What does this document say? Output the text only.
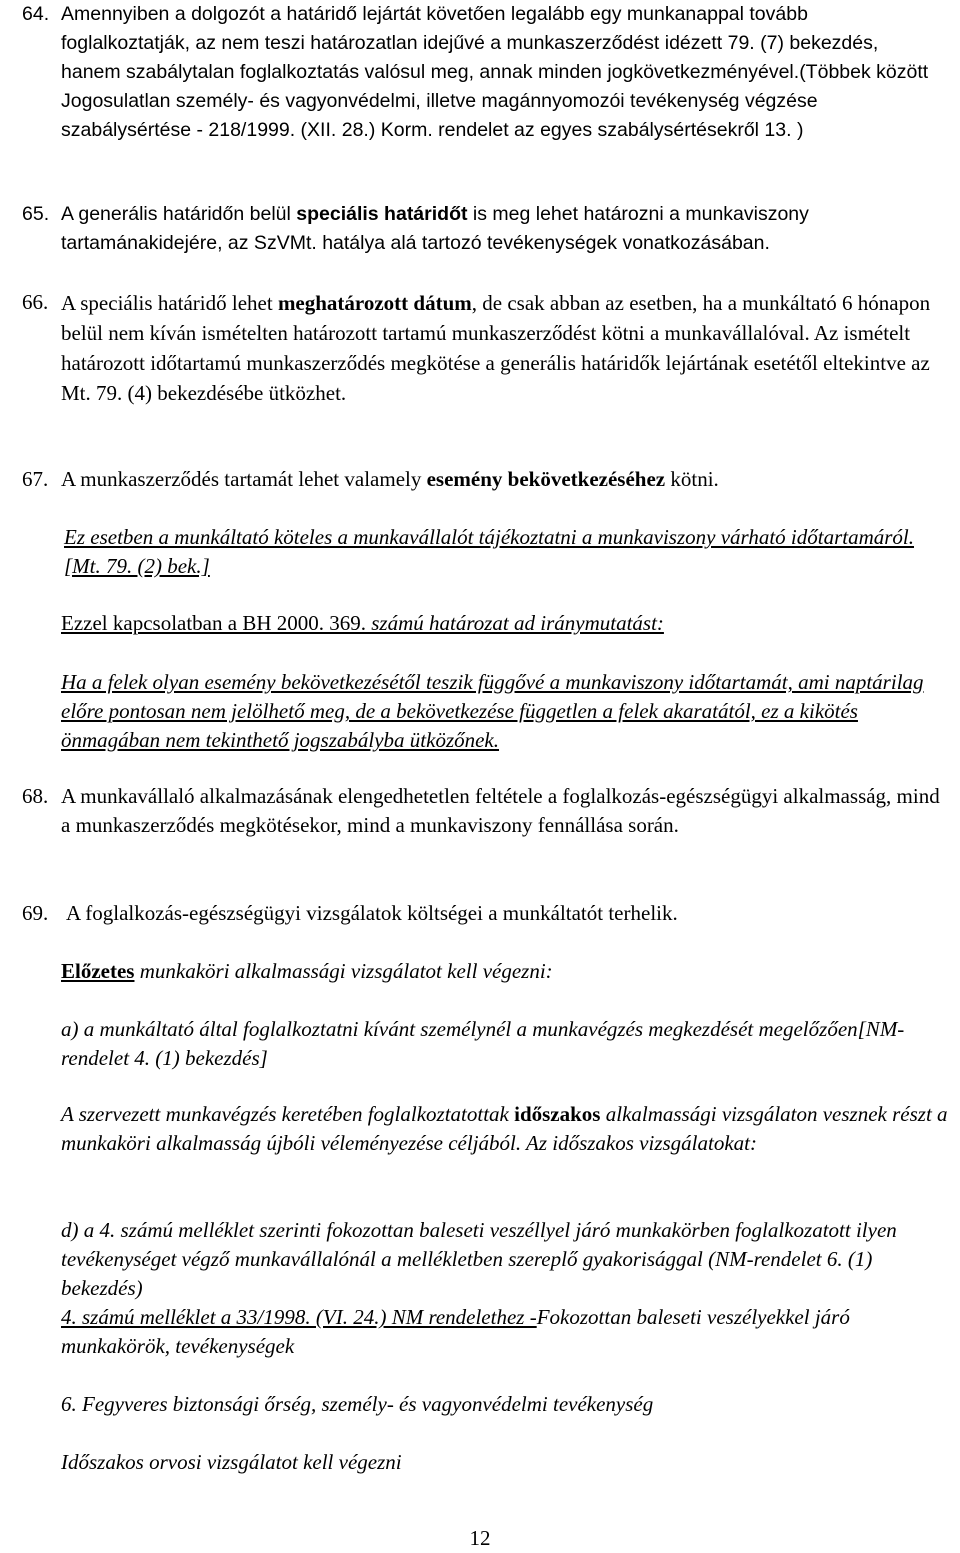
64. Amennyiben a dolgozót a határidő lejártát követően legalább egy munkanappal tovább foglalkoztatják, az nem teszi határozatlan idejűvé a munkaszerződést idézett 79. (7) bekezdés, hanem szabálytalan foglalkoztatás valósul meg, annak minden jogkövetkezményével.(Többek között Jogosulatlan személy- és vagyonvédelmi, illetve magánnyomozói tevékenység végzése szabálysértése - 218/1999. (XII. 28.) Korm. rendelet az egyes szabálysértésekről 13. )
65. A generális határidőn belül speciális határidőt is meg lehet határozni a munkaviszony tartamánakidejére, az SzVMt. hatálya alá tartozó tevékenységek vonatkozásában.
66. A speciális határidő lehet meghatározott dátum, de csak abban az esetben, ha a munkáltató 6 hónapon belül nem kíván ismételten határozott tartamú munkaszerződést kötni a munkavállalóval. Az ismételt határozott időtartamú munkaszerződés megkötése a generális határidők lejártának esetétől eltekintve az Mt. 79. (4) bekezdésébe ütközhet.
67. A munkaszerződés tartamát lehet valamely esemény bekövetkezéséhez kötni.
Ez esetben a munkáltató köteles a munkavállalót tájékoztatni a munkaviszony várható időtartamáról. [Mt. 79. (2) bek.]
Ezzel kapcsolatban a BH 2000. 369. számú határozat ad iránymutatást:
Ha a felek olyan esemény bekövetkezésétől teszik függővé a munkaviszony időtartamát, ami naptárilag előre pontosan nem jelölhető meg, de a bekövetkezése független a felek akaratától, ez a kikötés önmagában nem tekinthető jogszabályba ütközőnek.
68. A munkavállaló alkalmazásának elengedhetetlen feltétele a foglalkozás-egészségügyi alkalmasság, mind a munkaszerződés megkötésekor, mind a munkaviszony fennállása során.
69. A foglalkozás-egészségügyi vizsgálatok költségei a munkáltatót terhelik.
Előzetes munkaköri alkalmassági vizsgálatot kell végezni:
a) a munkáltató által foglalkoztatni kívánt személynél a munkavégzés megkezdését megelőzően[NM-rendelet 4. (1) bekezdés]
A szervezett munkavégzés keretében foglalkoztatottak időszakos alkalmassági vizsgálaton vesznek részt a munkaköri alkalmasság újbóli véleményezése céljából. Az időszakos vizsgálatokat:
d) a 4. számú melléklet szerinti fokozottan baleseti veszéllyel járó munkakörben foglalkozatott ilyen tevékenységet végző munkavállalónál a mellékletben szereplő gyakorisággal (NM-rendelet 6. (1) bekezdés)
4. számú melléklet a 33/1998. (VI. 24.) NM rendelethez -Fokozottan baleseti veszélyekkel járó munkakörök, tevékenységek
6. Fegyveres biztonsági őrség, személy- és vagyonvédelmi tevékenység
Időszakos orvosi vizsgálatot kell végezni
12
